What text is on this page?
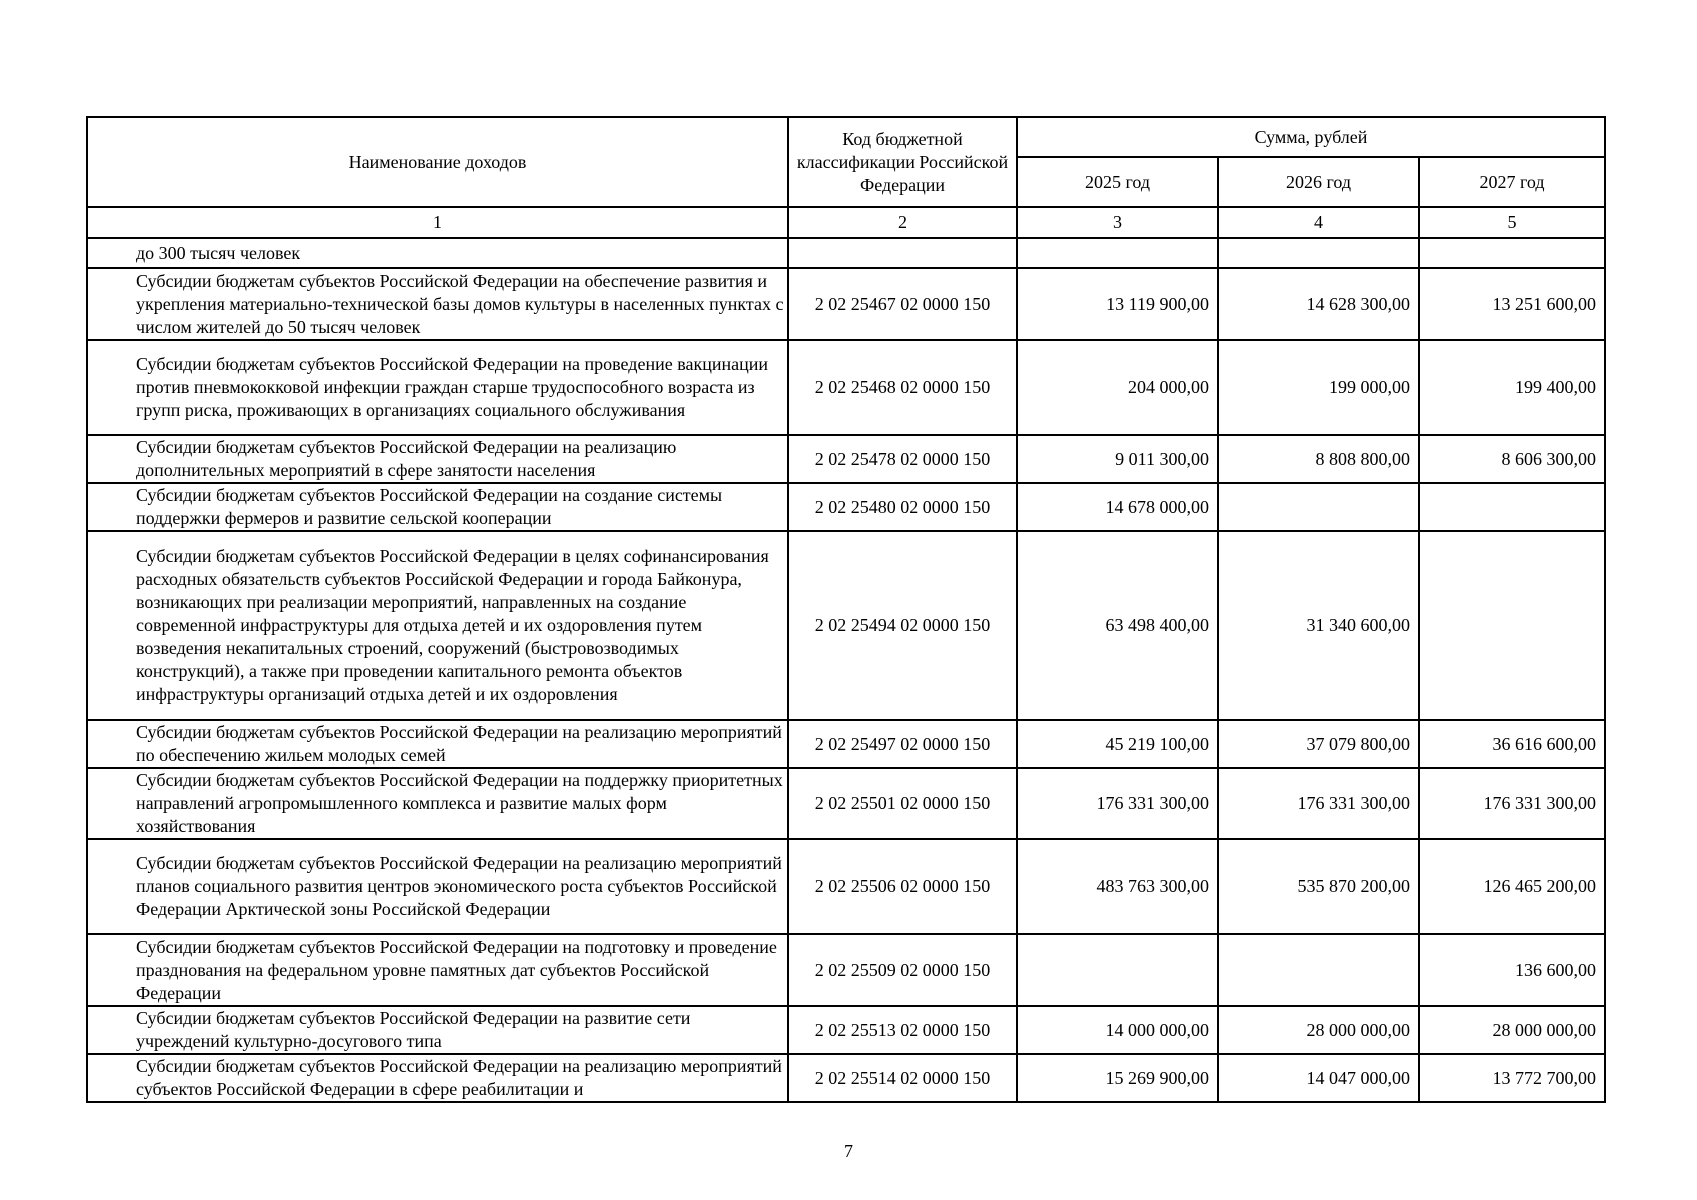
Наименование доходов	Код бюджетной классификации Российской Федерации	Сумма, рублей		
		2025 год	2026 год	2027 год
1	2	3	4	5
до 300 тысяч человек				
Субсидии бюджетам субъектов Российской Федерации на обеспечение развития и укрепления материально-технической базы домов культуры в населенных пунктах с числом жителей до 50 тысяч человек	2 02 25467 02 0000 150	13 119 900,00	14 628 300,00	13 251 600,00
Субсидии бюджетам субъектов Российской Федерации на проведение вакцинации против пневмококковой инфекции граждан старше трудоспособного возраста из групп риска, проживающих в организациях социального обслуживания	2 02 25468 02 0000 150	204 000,00	199 000,00	199 400,00
Субсидии бюджетам субъектов Российской Федерации на реализацию дополнительных мероприятий в сфере занятости населения	2 02 25478 02 0000 150	9 011 300,00	8 808 800,00	8 606 300,00
Субсидии бюджетам субъектов Российской Федерации на создание системы поддержки фермеров и развитие сельской кооперации	2 02 25480 02 0000 150	14 678 000,00		
Субсидии бюджетам субъектов Российской Федерации в целях софинансирования расходных обязательств субъектов Российской Федерации и города Байконура, возникающих при реализации мероприятий, направленных на создание современной инфраструктуры для отдыха детей и их оздоровления путем возведения некапитальных строений, сооружений (быстровозводимых конструкций), а также при проведении капитального ремонта объектов инфраструктуры организаций отдыха детей и их оздоровления	2 02 25494 02 0000 150	63 498 400,00	31 340 600,00	
Субсидии бюджетам субъектов Российской Федерации на реализацию мероприятий по обеспечению жильем молодых семей	2 02 25497 02 0000 150	45 219 100,00	37 079 800,00	36 616 600,00
Субсидии бюджетам субъектов Российской Федерации на поддержку приоритетных направлений агропромышленного комплекса и развитие малых форм хозяйствования	2 02 25501 02 0000 150	176 331 300,00	176 331 300,00	176 331 300,00
Субсидии бюджетам субъектов Российской Федерации на реализацию мероприятий планов социального развития центров экономического роста субъектов Российской Федерации Арктической зоны Российской Федерации	2 02 25506 02 0000 150	483 763 300,00	535 870 200,00	126 465 200,00
Субсидии бюджетам субъектов Российской Федерации на подготовку и проведение празднования на федеральном уровне памятных дат субъектов Российской Федерации	2 02 25509 02 0000 150			136 600,00
Субсидии бюджетам субъектов Российской Федерации на развитие сети учреждений культурно-досугового типа	2 02 25513 02 0000 150	14 000 000,00	28 000 000,00	28 000 000,00
Субсидии бюджетам субъектов Российской Федерации на реализацию мероприятий субъектов Российской Федерации в сфере реабилитации и	2 02 25514 02 0000 150	15 269 900,00	14 047 000,00	13 772 700,00
7
